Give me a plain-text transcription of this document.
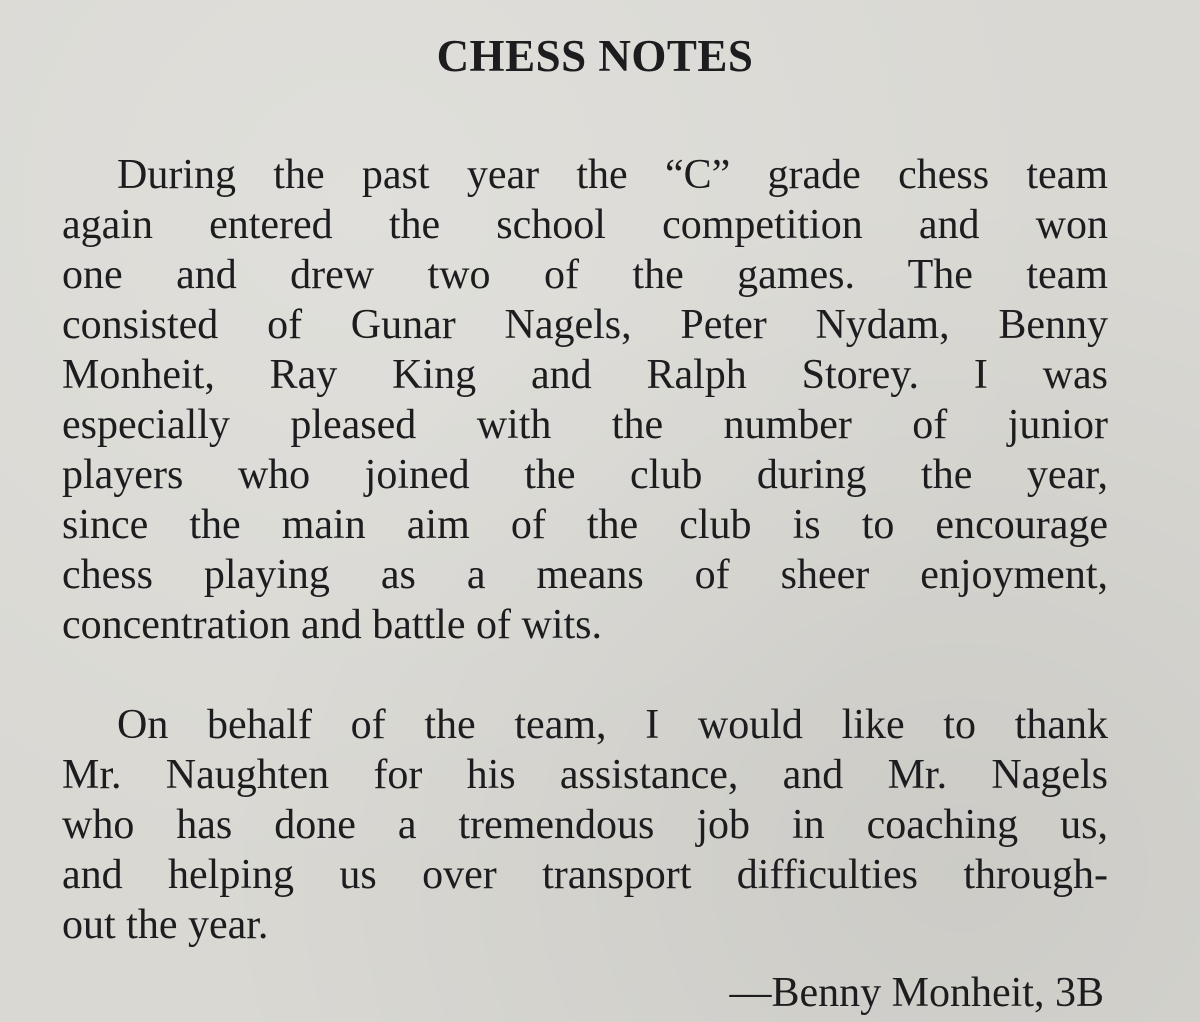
CHESS NOTES

During the past year the “C” grade chess team
again entered the school competition and won
one and drew two of the games. The team
consisted of Gunar Nagels, Peter Nydam, Benny
Monheit, Ray King and Ralph Storey. I was
especially pleased with the number of junior
players who joined the club during the year,
since the main aim of the club is to encourage
chess playing as a means of sheer enjoyment,
concentration and battle of wits.

On behalf of the team, I would like to thank
Mr. Naughten for his assistance, and Mr. Nagels
who has done a tremendous job in coaching us,
and helping us over transport difficulties through-
out the year.

—Benny Monheit, 3B
